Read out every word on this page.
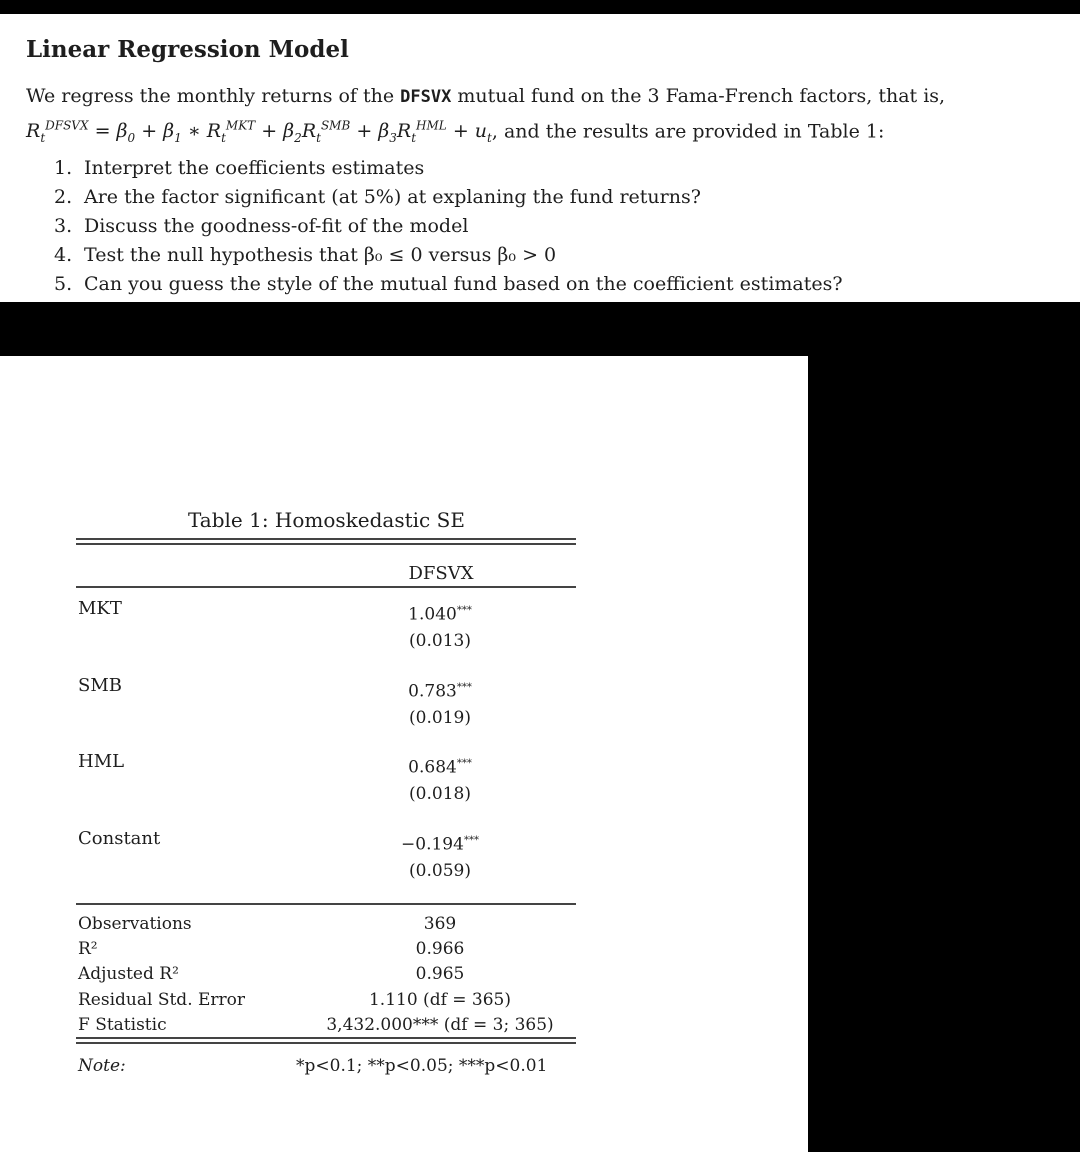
Linear Regression Model

We regress the monthly returns of the DFSVX mutual fund on the 3 Fama-French factors, that is,
$R_t^{DFSVX} = \beta_0 + \beta_1$ ∗ $R_t^{MKT} + \beta_2R_t^{SMB} + \beta_3R_t^{HML} + u_t$, and the results are provided in Table 1:

1. Interpret the coefficients estimates
2. Are the factor significant (at 5%) at explaning the fund returns?
3. Discuss the goodness-of-fit of the model
4. Test the null hypothesis that β₀ ≤ 0 versus β₀ > 0
5. Can you guess the style of the mutual fund based on the coefficient estimates?
Table 1: Homoskedastic SE
DFSVX
MKT	1.040***
(0.013)
SMB	0.783***
(0.019)
HML	0.684***
(0.018)
Constant	−0.194***
(0.059)
Observations	369
R²	0.966
Adjusted R²	0.965
Residual Std. Error	1.110 (df = 365)
F Statistic	3,432.000*** (df = 3; 365)
Note:	*p<0.1; **p<0.05; ***p<0.01
